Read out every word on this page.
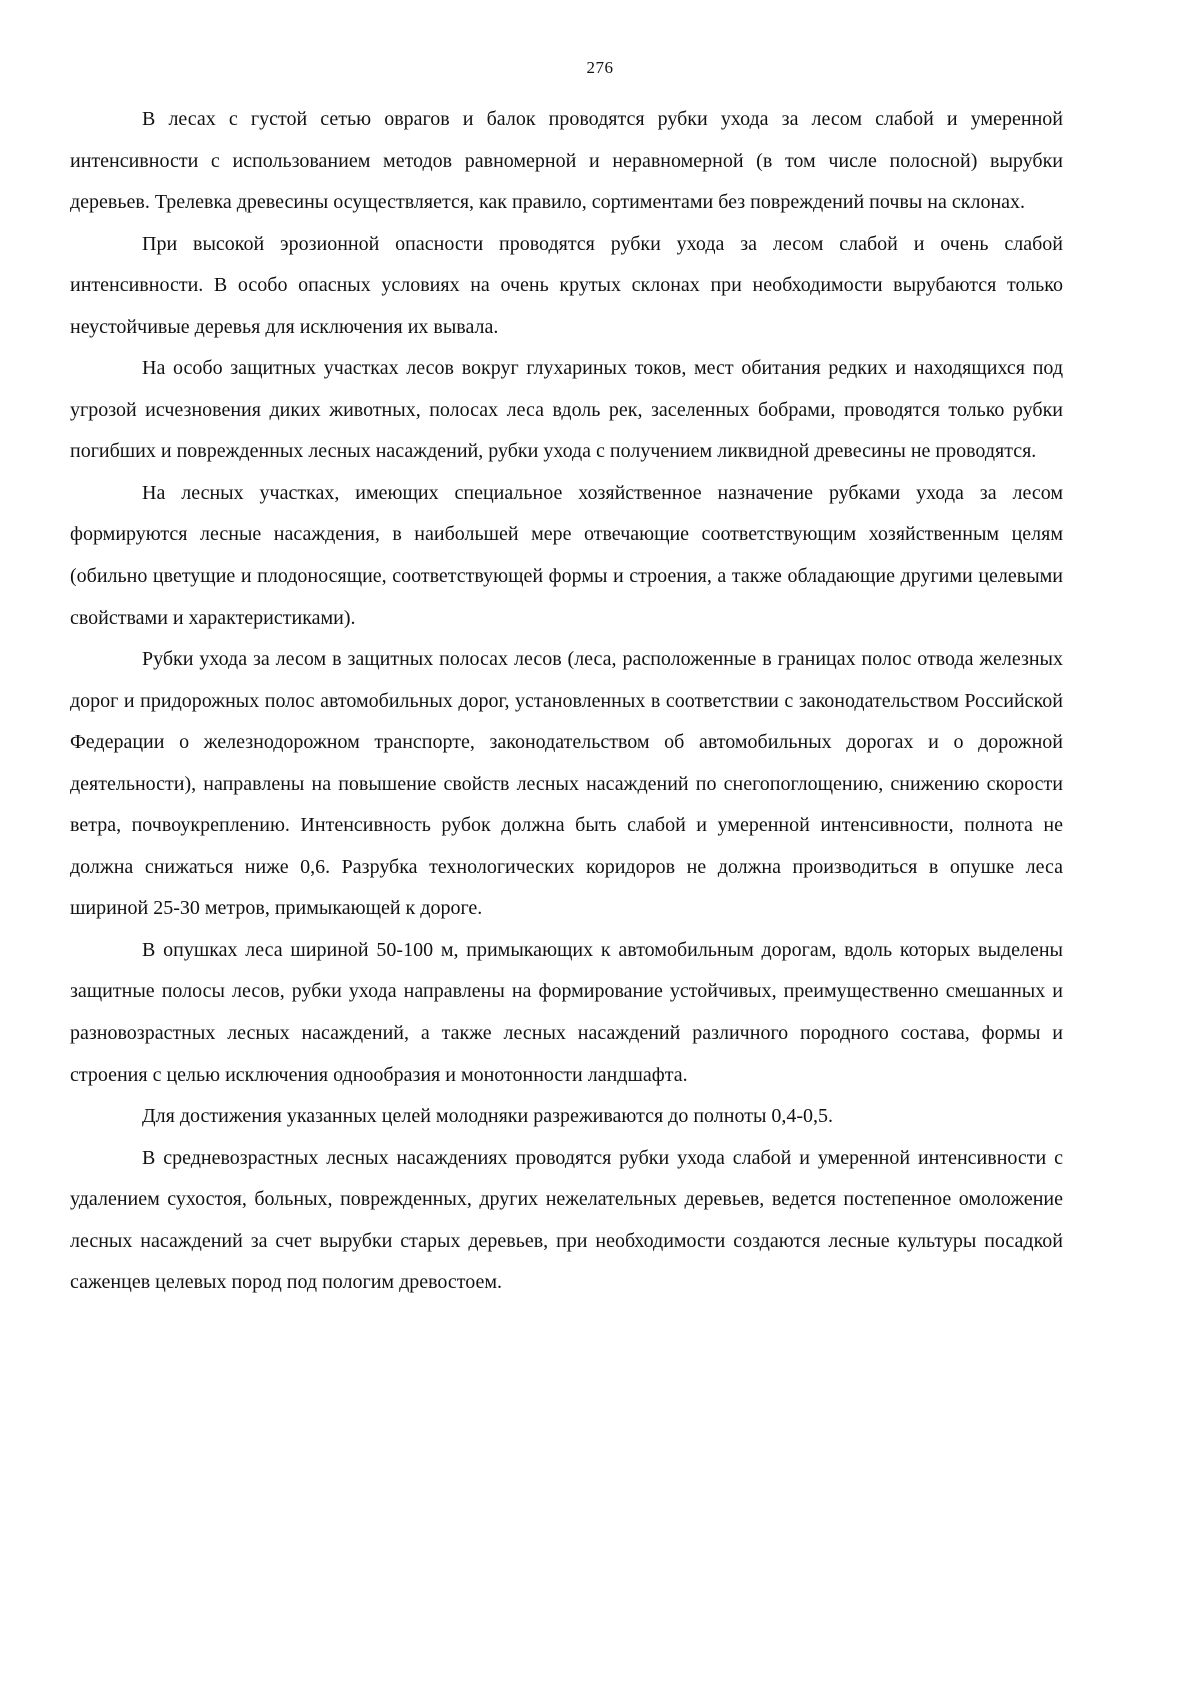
276

В лесах с густой сетью оврагов и балок проводятся рубки ухода за лесом слабой и умеренной интенсивности с использованием методов равномерной и неравномерной (в том числе полосной) вырубки деревьев. Трелевка древесины осуществляется, как правило, сортиментами без повреждений почвы на склонах.

При высокой эрозионной опасности проводятся рубки ухода за лесом слабой и очень слабой интенсивности. В особо опасных условиях на очень крутых склонах при необходимости вырубаются только неустойчивые деревья для исключения их вывала.

На особо защитных участках лесов вокруг глухариных токов, мест обитания редких и находящихся под угрозой исчезновения диких животных, полосах леса вдоль рек, заселенных бобрами, проводятся только рубки погибших и поврежденных лесных насаждений, рубки ухода с получением ликвидной древесины не проводятся.

На лесных участках, имеющих специальное хозяйственное назначение рубками ухода за лесом формируются лесные насаждения, в наибольшей мере отвечающие соответствующим хозяйственным целям (обильно цветущие и плодоносящие, соответствующей формы и строения, а также обладающие другими целевыми свойствами и характеристиками).

Рубки ухода за лесом в защитных полосах лесов (леса, расположенные в границах полос отвода железных дорог и придорожных полос автомобильных дорог, установленных в соответствии с законодательством Российской Федерации о железнодорожном транспорте, законодательством об автомобильных дорогах и о дорожной деятельности), направлены на повышение свойств лесных насаждений по снегопоглощению, снижению скорости ветра, почвоукреплению. Интенсивность рубок должна быть слабой и умеренной интенсивности, полнота не должна снижаться ниже 0,6. Разрубка технологических коридоров не должна производиться в опушке леса шириной 25-30 метров, примыкающей к дороге.

В опушках леса шириной 50-100 м, примыкающих к автомобильным дорогам, вдоль которых выделены защитные полосы лесов, рубки ухода направлены на формирование устойчивых, преимущественно смешанных и разновозрастных лесных насаждений, а также лесных насаждений различного породного состава, формы и строения с целью исключения однообразия и монотонности ландшафта.

Для достижения указанных целей молодняки разреживаются до полноты 0,4-0,5.

В средневозрастных лесных насаждениях проводятся рубки ухода слабой и умеренной интенсивности с удалением сухостоя, больных, поврежденных, других нежелательных деревьев, ведется постепенное омоложение лесных насаждений за счет вырубки старых деревьев, при необходимости создаются лесные культуры посадкой саженцев целевых пород под пологим древостоем.
